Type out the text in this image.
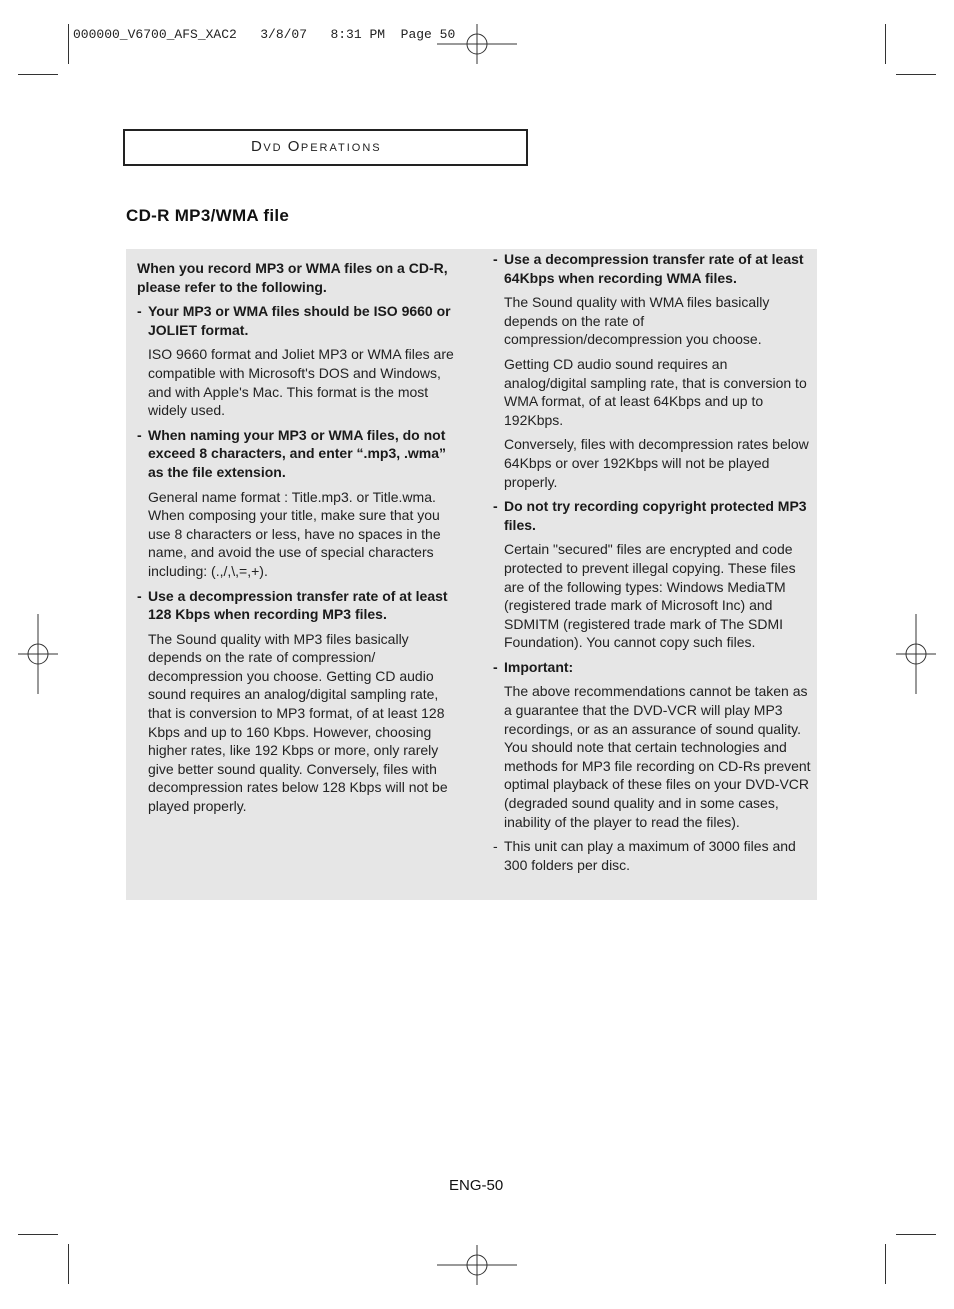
000000_V6700_AFS_XAC2   3/8/07   8:31 PM  Page 50
DVD OPERATIONS
CD-R MP3/WMA file

When you record MP3 or WMA files on a CD-R, please refer to the following.

- Your MP3 or WMA files should be ISO 9660 or JOLIET format.

ISO 9660 format and Joliet MP3 or WMA files are compatible with Microsoft's DOS and Windows, and with Apple's Mac. This format is the most widely used.

- When naming your MP3 or WMA files, do not exceed 8 characters, and enter “.mp3, .wma” as the file extension.

General name format : Title.mp3. or Title.wma. When composing your title, make sure that you use 8 characters or less, have no spaces in the name, and avoid the use of special characters including: (.,/,\,=,+).

- Use a decompression transfer rate of at least 128 Kbps when recording MP3 files.

The Sound quality with MP3 files basically depends on the rate of compression/ decompression you choose. Getting CD audio sound requires an analog/digital sampling rate, that is conversion to MP3 format, of at least 128 Kbps and up to 160 Kbps. However, choosing higher rates, like 192 Kbps or more, only rarely give better sound quality. Conversely, files with decompression rates below 128 Kbps will not be played properly.

- Use a decompression transfer rate of at least 64Kbps when recording WMA files.

The Sound quality with WMA files basically depends on the rate of compression/decompression you choose.

Getting CD audio sound requires an analog/digital sampling rate, that is conversion to WMA format, of at least 64Kbps and up to 192Kbps.

Conversely, files with decompression rates below 64Kbps or over 192Kbps will not be played properly.

- Do not try recording copyright protected MP3 files.

Certain "secured" files are encrypted and code protected to prevent illegal copying. These files are of the following types: Windows MediaTM (registered trade mark of Microsoft Inc) and SDMITM (registered trade mark of The SDMI Foundation). You cannot copy such files.

- Important:

The above recommendations cannot be taken as a guarantee that the DVD-VCR will play MP3 recordings, or as an assurance of sound quality. You should note that certain technologies and methods for MP3 file recording on CD-Rs prevent optimal playback of these files on your DVD-VCR (degraded sound quality and in some cases, inability of the player to read the files).

- This unit can play a maximum of 3000 files and 300 folders per disc.

ENG-50
